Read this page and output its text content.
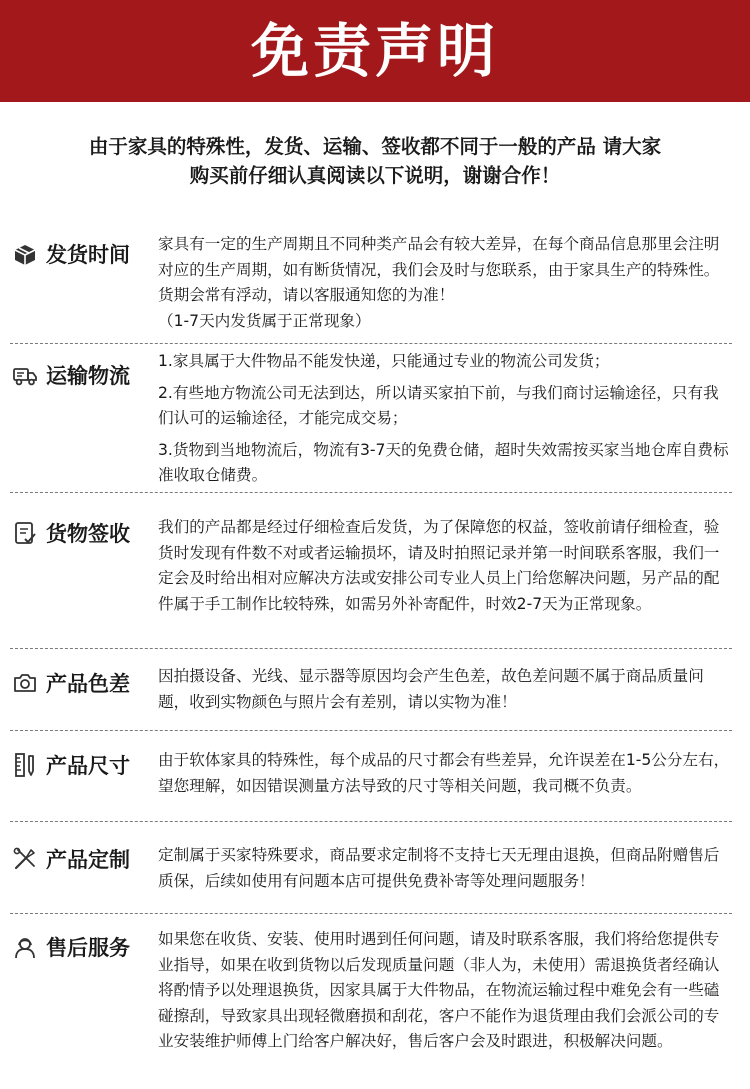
免责声明
由于家具的特殊性，发货、运输、签收都不同于一般的产品 请大家
购买前仔细认真阅读以下说明，谢谢合作！
发货时间 家具有一定的生产周期且不同种类产品会有较大差异，在每个商品信息那里会注明对应的生产周期，如有断货情况，我们会及时与您联系，由于家具生产的特殊性。货期会常有浮动，请以客服通知您的为准！

（1-7天内发货属于正常现象）

运输物流

1.家具属于大件物品不能发快递，只能通过专业的物流公司发货；

2.有些地方物流公司无法到达，所以请买家拍下前，与我们商讨运输途径，只有我们认可的运输途径，才能完成交易；

3.货物到当地物流后，物流有3-7天的免费仓储，超时失效需按买家当地仓库自费标准收取仓储费。

货物签收 我们的产品都是经过仔细检查后发货，为了保障您的权益，签收前请仔细检查，验货时发现有件数不对或者运输损坏，请及时拍照记录并第一时间联系客服，我们一定会及时给出相对应解决方法或安排公司专业人员上门给您解决问题，另产品的配件属于手工制作比较特殊，如需另外补寄配件，时效2-7天为正常现象。

产品色差 因拍摄设备、光线、显示器等原因均会产生色差，故色差问题不属于商品质量问题，收到实物颜色与照片会有差别，请以实物为准！

产品尺寸 由于软体家具的特殊性，每个成品的尺寸都会有些差异，允许误差在1-5公分左右，望您理解，如因错误测量方法导致的尺寸等相关问题，我司概不负责。

产品定制 定制属于买家特殊要求，商品要求定制将不支持七天无理由退换，但商品附赠售后质保，后续如使用有问题本店可提供免费补寄等处理问题服务！

售后服务 如果您在收货、安装、使用时遇到任何问题，请及时联系客服，我们将给您提供专业指导，如果在收到货物以后发现质量问题（非人为，未使用）需退换货者经确认将酌情予以处理退换货，因家具属于大件物品，在物流运输过程中难免会有一些磕碰擦刮，导致家具出现轻微磨损和刮花，客户不能作为退货理由我们会派公司的专业安装维护师傅上门给客户解决好，售后客户会及时跟进，积极解决问题。
